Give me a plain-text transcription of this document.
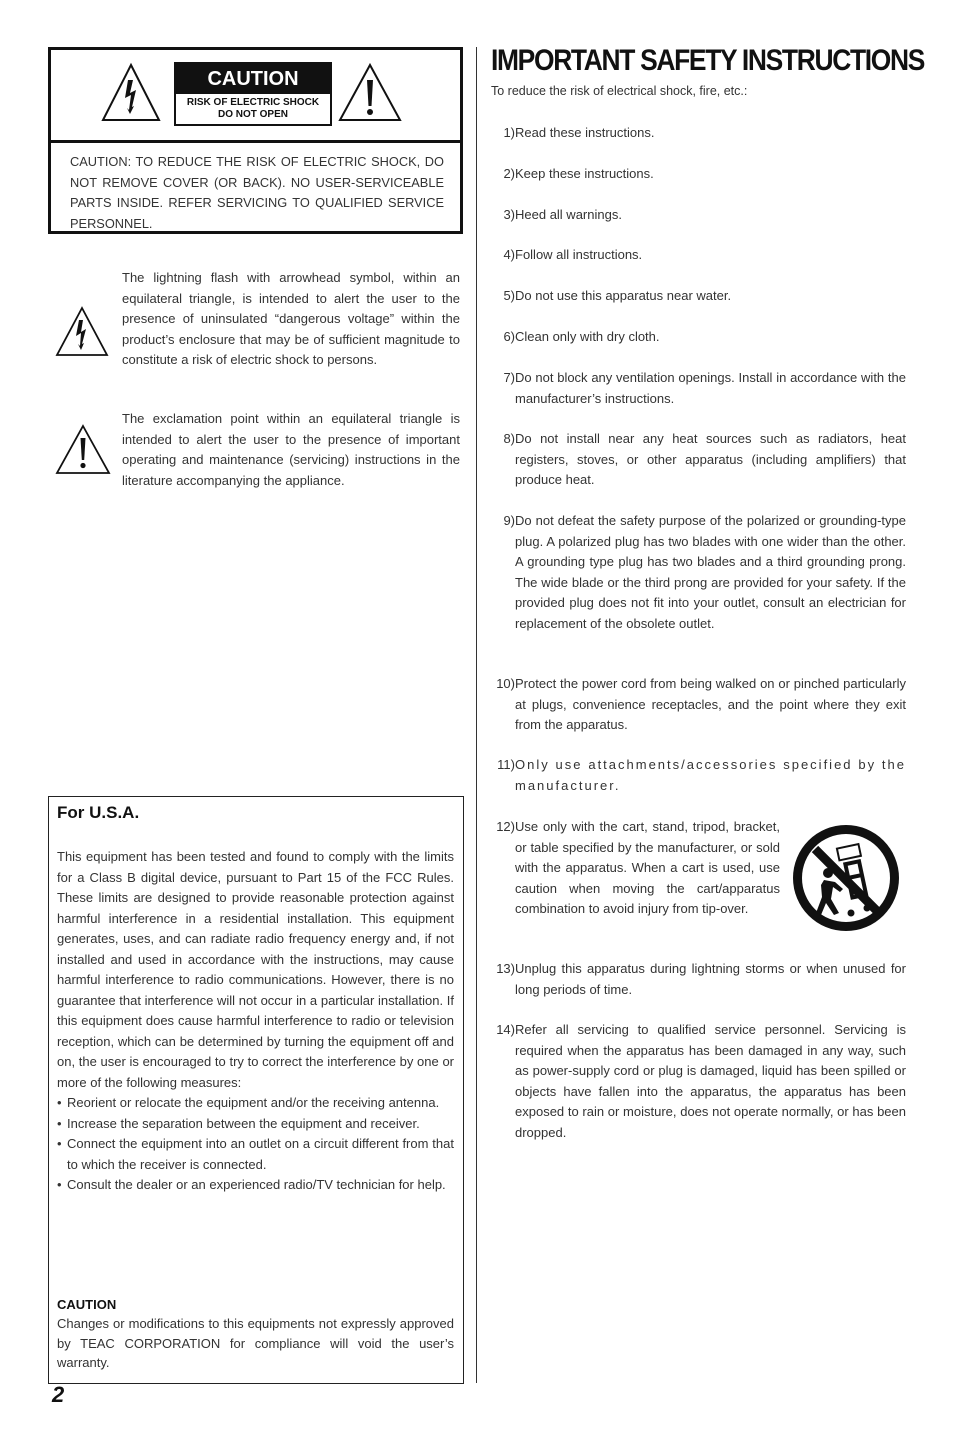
CAUTION
RISK OF ELECTRIC SHOCK
DO NOT OPEN

CAUTION: TO REDUCE THE RISK OF ELECTRIC SHOCK, DO NOT REMOVE COVER (OR BACK). NO USER-SERVICEABLE PARTS INSIDE. REFER SERVICING TO QUALIFIED SERVICE PERSONNEL.

The lightning flash with arrowhead symbol, within an equilateral triangle, is intended to alert the user to the presence of uninsulated “dangerous voltage” within the product’s enclosure that may be of sufficient magnitude to constitute a risk of electric shock to persons.

The exclamation point within an equilateral triangle is intended to alert the user to the presence of important operating and maintenance (servicing) instructions in the literature accompanying the appliance.

For U.S.A.

This equipment has been tested and found to comply with the limits for a Class B digital device, pursuant to Part 15 of the FCC Rules. These limits are designed to provide reasonable protection against harmful interference in a residential installation. This equipment generates, uses, and can radiate radio frequency energy and, if not installed and used in accordance with the instructions, may cause harmful interference to radio communications. However, there is no guarantee that interference will not occur in a particular installation. If this equipment does cause harmful interference to radio or television reception, which can be determined by turning the equipment off and on, the user is encouraged to try to correct the interference by one or more of the following measures:

• Reorient or relocate the equipment and/or the receiving antenna.
• Increase the separation between the equipment and receiver.
• Connect the equipment into an outlet on a circuit different from that to which the receiver is connected.
• Consult the dealer or an experienced radio/TV technician for help.
CAUTION

Changes or modifications to this equipments not expressly approved by TEAC CORPORATION for compliance will void the user’s warranty.

2
IMPORTANT SAFETY INSTRUCTIONS
To reduce the risk of electrical shock, fire, etc.:
1) Read these instructions.
2) Keep these instructions.
3) Heed all warnings.
4) Follow all instructions.
5) Do not use this apparatus near water.
6) Clean only with dry cloth.
7) Do not block any ventilation openings. Install in accordance with the manufacturer’s instructions.
8) Do not install near any heat sources such as radiators, heat registers, stoves, or other apparatus (including amplifiers) that produce heat.
9) Do not defeat the safety purpose of the polarized or grounding-type plug. A polarized plug has two blades with one wider than the other. A grounding type plug has two blades and a third grounding prong. The wide blade or the third prong are provided for your safety. If the provided plug does not fit into your outlet, consult an electrician for replacement of the obsolete outlet.
10) Protect the power cord from being walked on or pinched particularly at plugs, convenience receptacles, and the point where they exit from the apparatus.
11) Only use attachments/accessories specified by the manufacturer.
12) Use only with the cart, stand, tripod, bracket, or table specified by the manufacturer, or sold with the apparatus. When a cart is used, use caution when moving the cart/apparatus combination to avoid injury from tip-over.
13) Unplug this apparatus during lightning storms or when unused for long periods of time.
14) Refer all servicing to qualified service personnel. Servicing is required when the apparatus has been damaged in any way, such as power-supply cord or plug is damaged, liquid has been spilled or objects have fallen into the apparatus, the apparatus has been exposed to rain or moisture, does not operate normally, or has been dropped.
